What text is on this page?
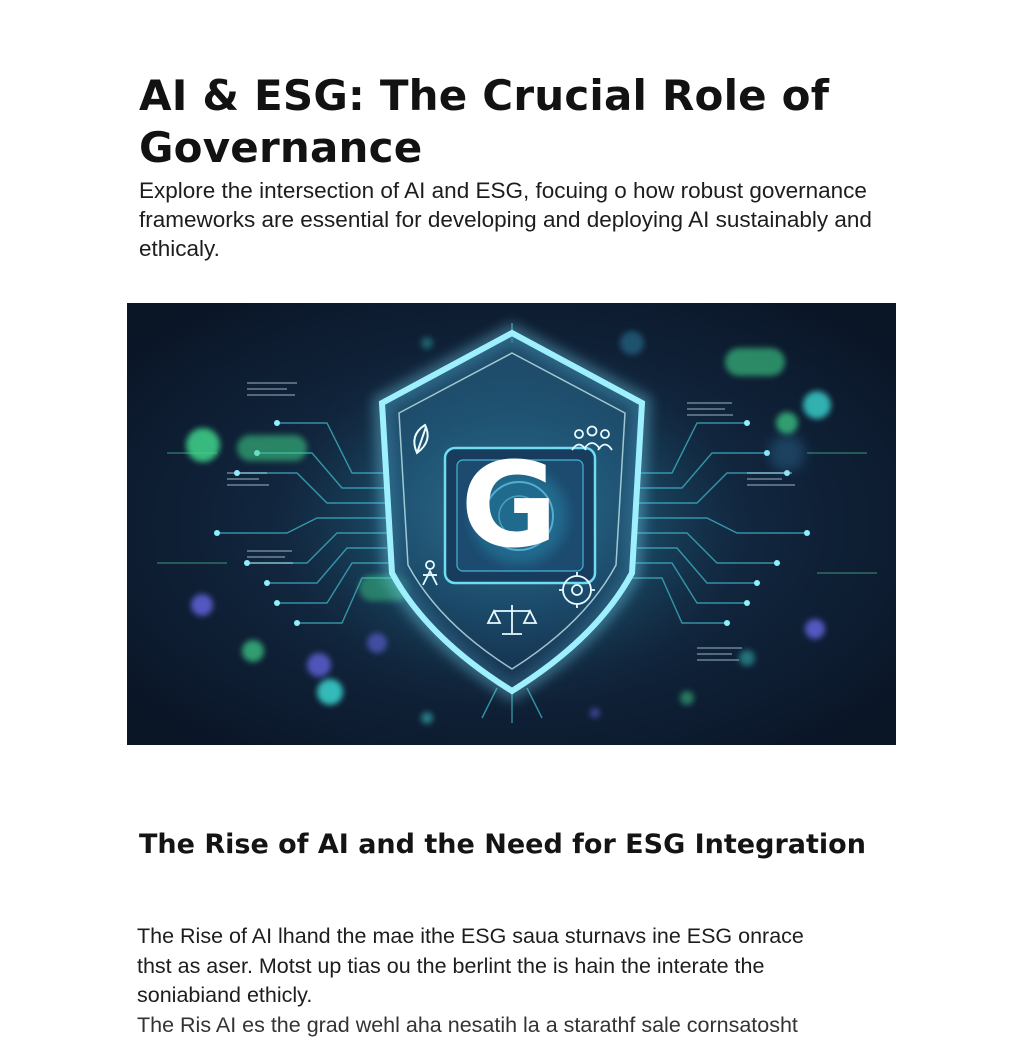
AI & ESG: The Crucial Role of Governance

Explore the intersection of AI and ESG, focuing o how robust governance frameworks are essential for developing and deploying AI sustainably and ethicaly.

G
The Rise of AI and the Need for ESG Integration
The Rise of AI lhand the mae ithe ESG saua sturnavs ine ESG onrace
thst as aser. Motst up tias ou the berlint the is hain the interate the
soniabiand ethicly.
The Ris AI es the grad wehl aha nesatih la a starathf sale cornsatosht
